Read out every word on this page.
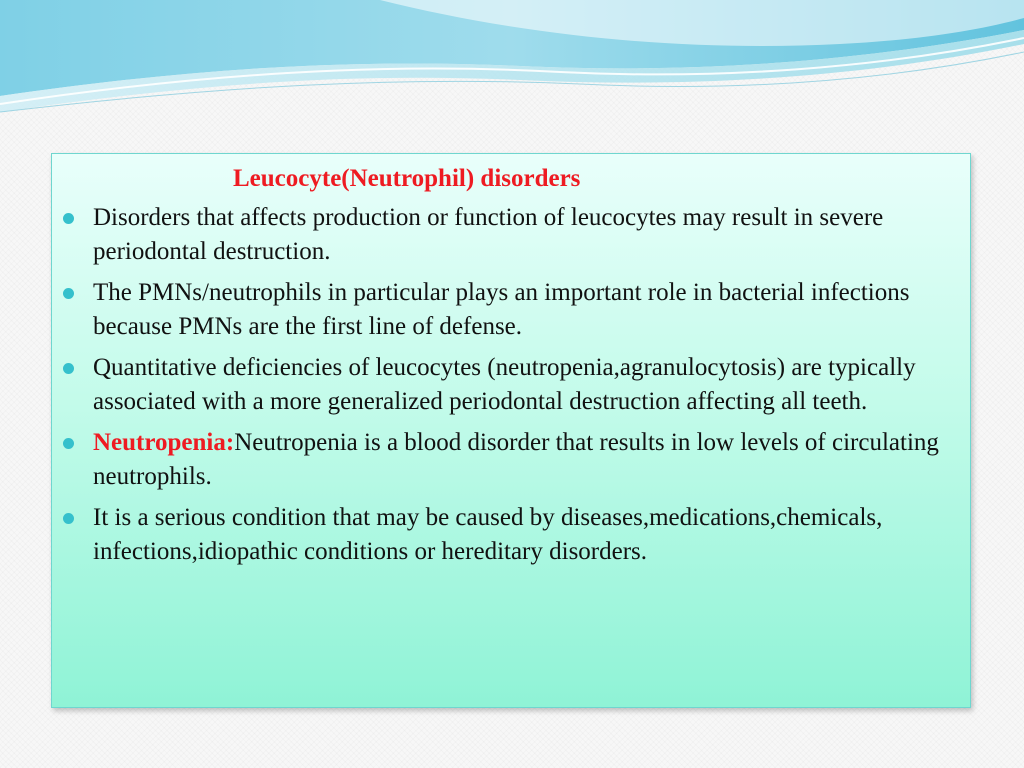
Leucocyte(Neutrophil) disorders
Disorders that affects production or function of leucocytes may result in severe periodontal destruction.
The PMNs/neutrophils in particular plays an important role in bacterial infections because PMNs are the first line of defense.
Quantitative deficiencies of leucocytes (neutropenia,agranulocytosis) are typically associated with a more generalized periodontal destruction affecting all teeth.
Neutropenia:Neutropenia is a blood disorder that results in low levels of circulating neutrophils.
It is a serious condition that may be caused by diseases,medications,chemicals, infections,idiopathic conditions or hereditary disorders.
